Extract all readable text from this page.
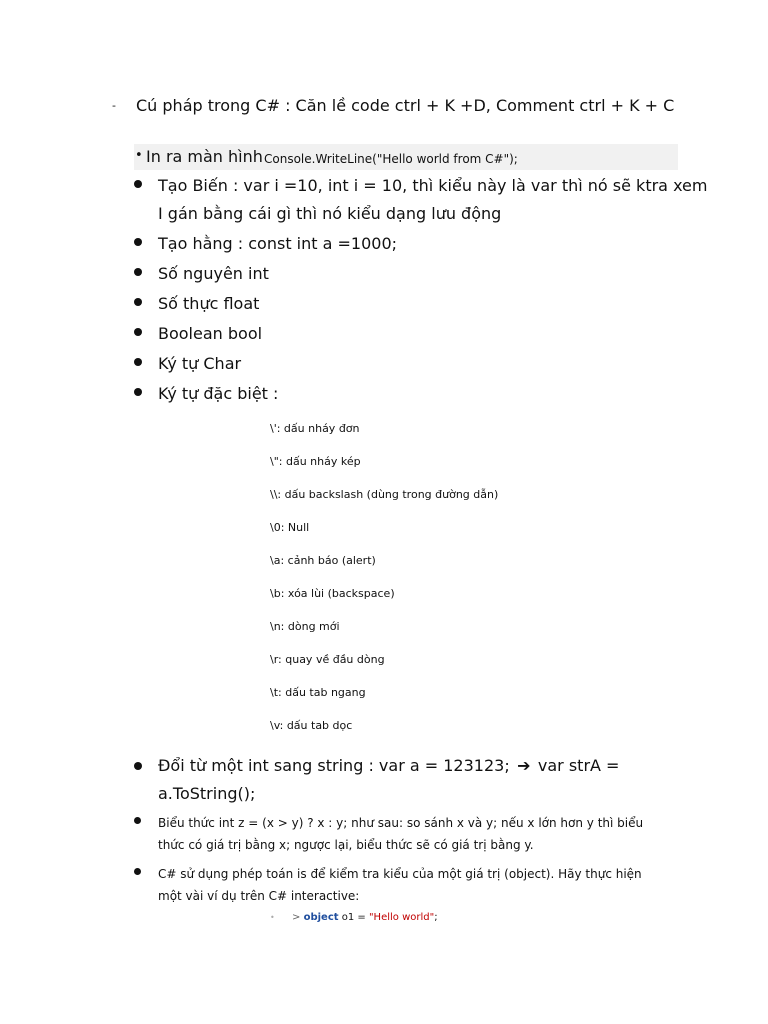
- Cú pháp trong C# : Căn lề code ctrl + K +D, Comment ctrl + K + C
• In ra màn hình Console.WriteLine("Hello world from C#");
Tạo Biến : var i =10, int i = 10, thì kiểu này là var thì nó sẽ ktra xem
I gán bằng cái gì thì nó kiểu dạng lưu động
Tạo hằng : const int a =1000;
Số nguyên int
Số thực float
Boolean bool
Ký tự Char
Ký tự đặc biệt :
\': dấu nháy đơn
\": dấu nháy kép
\\: dấu backslash (dùng trong đường dẫn)
\0: Null
\a: cảnh báo (alert)
\b: xóa lùi (backspace)
\n: dòng mới
\r: quay về đầu dòng
\t: dấu tab ngang
\v: dấu tab dọc
Đổi từ một int sang string : var a = 123123; ➔ var strA =
a.ToString();
Biểu thức int z = (x > y) ? x : y; như sau: so sánh x và y; nếu x lớn hơn y thì biểu
thức có giá trị bằng x; ngược lại, biểu thức sẽ có giá trị bằng y.
C# sử dụng phép toán is để kiểm tra kiểu của một giá trị (object). Hãy thực hiện
một vài ví dụ trên C# interactive:
• > object o1 = "Hello world";
